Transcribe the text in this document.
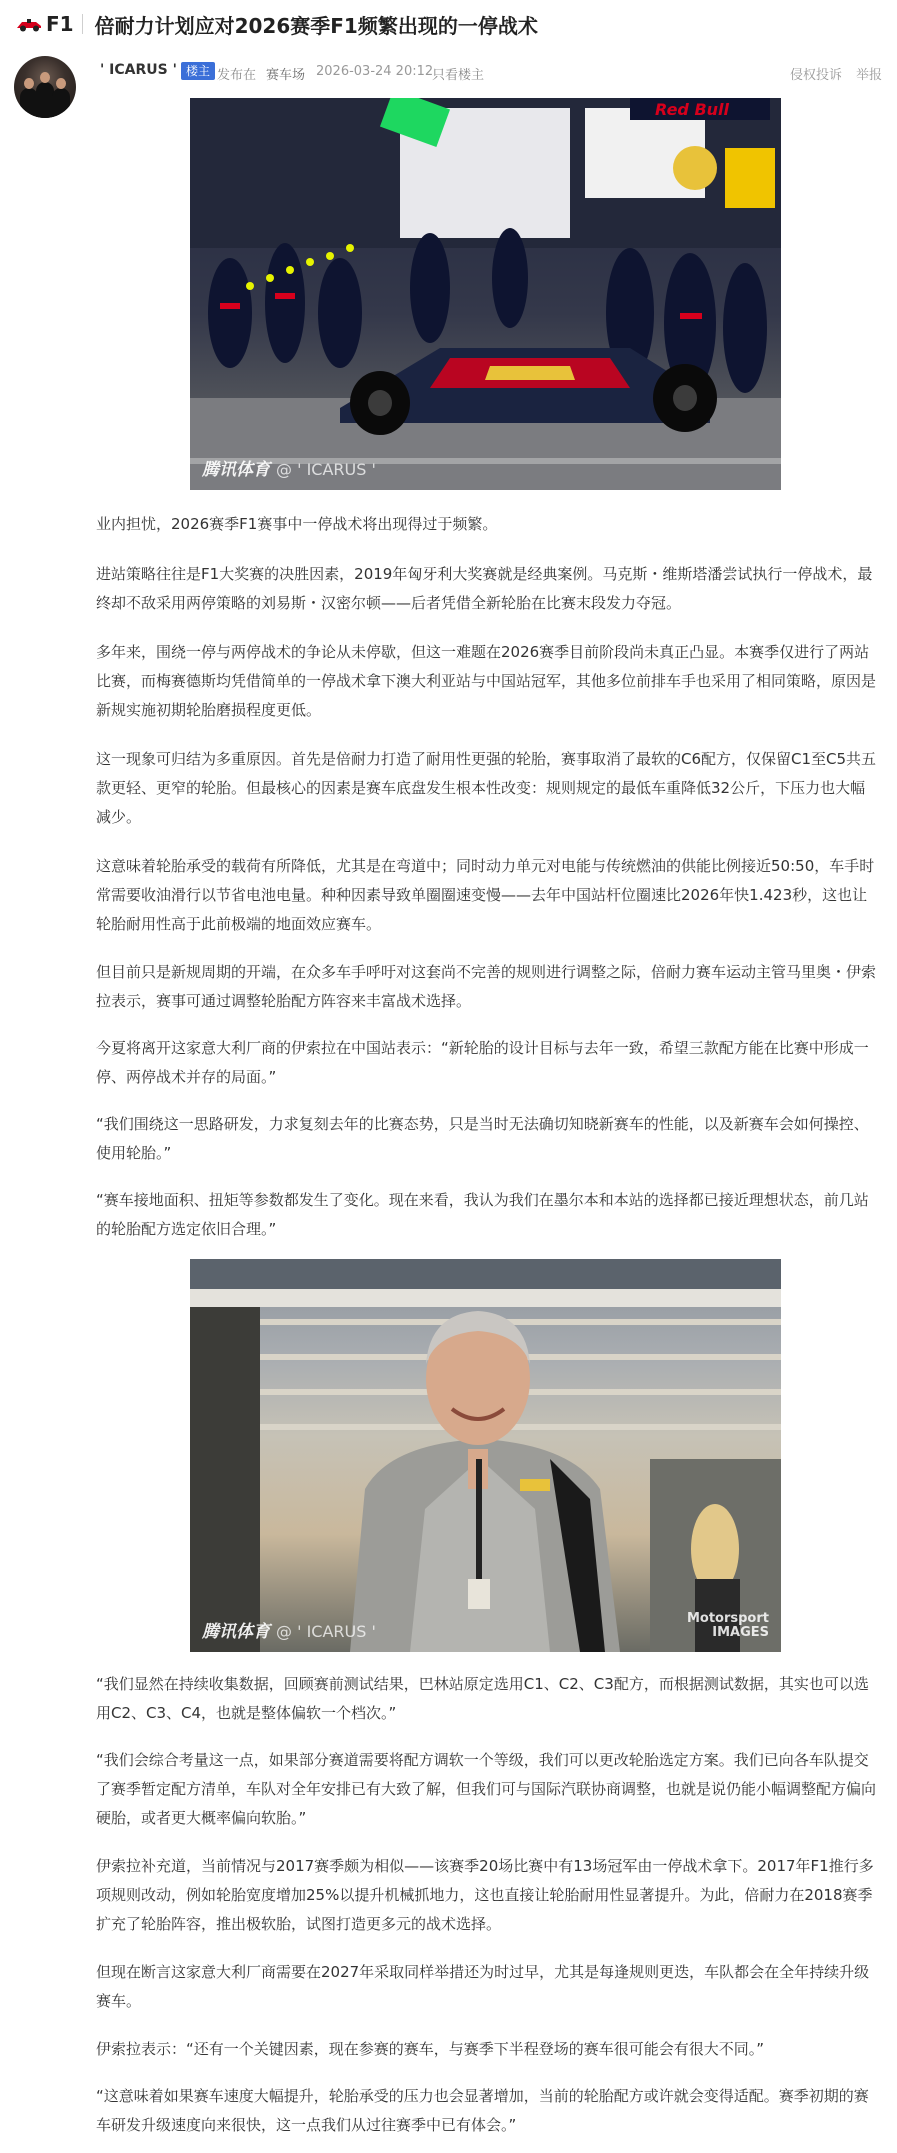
F1 倍耐力计划应对2026赛季F1频繁出现的一停战术
' ICARUS ' 楼主 发布在 赛车场 2026-03-24 20:12
只看楼主	侵权投诉 举报
Red Bull
腾讯体育 @ ' ICARUS '

业内担忧，2026赛季F1赛事中一停战术将出现得过于频繁。

进站策略往往是F1大奖赛的决胜因素，2019年匈牙利大奖赛就是经典案例。马克斯・维斯塔潘尝试执行一停战术，最终却不敌采用两停策略的刘易斯・汉密尔顿——后者凭借全新轮胎在比赛末段发力夺冠。

多年来，围绕一停与两停战术的争论从未停歇，但这一难题在2026赛季目前阶段尚未真正凸显。本赛季仅进行了两站比赛，而梅赛德斯均凭借简单的一停战术拿下澳大利亚站与中国站冠军，其他多位前排车手也采用了相同策略，原因是新规实施初期轮胎磨损程度更低。

这一现象可归结为多重原因。首先是倍耐力打造了耐用性更强的轮胎，赛事取消了最软的C6配方，仅保留C1至C5共五款更轻、更窄的轮胎。但最核心的因素是赛车底盘发生根本性改变：规则规定的最低车重降低32公斤，下压力也大幅减少。

这意味着轮胎承受的载荷有所降低，尤其是在弯道中；同时动力单元对电能与传统燃油的供能比例接近50:50，车手时常需要收油滑行以节省电池电量。种种因素导致单圈圈速变慢——去年中国站杆位圈速比2026年快1.423秒，这也让轮胎耐用性高于此前极端的地面效应赛车。

但目前只是新规周期的开端，在众多车手呼吁对这套尚不完善的规则进行调整之际，倍耐力赛车运动主管马里奥・伊索拉表示，赛事可通过调整轮胎配方阵容来丰富战术选择。

今夏将离开这家意大利厂商的伊索拉在中国站表示：“新轮胎的设计目标与去年一致，希望三款配方能在比赛中形成一停、两停战术并存的局面。”

“我们围绕这一思路研发，力求复刻去年的比赛态势，只是当时无法确切知晓新赛车的性能，以及新赛车会如何操控、使用轮胎。”

“赛车接地面积、扭矩等参数都发生了变化。现在来看，我认为我们在墨尔本和本站的选择都已接近理想状态，前几站的轮胎配方选定依旧合理。”

Motorsport IMAGES
腾讯体育 @ ' ICARUS '

“我们显然在持续收集数据，回顾赛前测试结果，巴林站原定选用C1、C2、C3配方，而根据测试数据，其实也可以选用C2、C3、C4，也就是整体偏软一个档次。”

“我们会综合考量这一点，如果部分赛道需要将配方调软一个等级，我们可以更改轮胎选定方案。我们已向各车队提交了赛季暂定配方清单，车队对全年安排已有大致了解，但我们可与国际汽联协商调整，也就是说仍能小幅调整配方偏向硬胎，或者更大概率偏向软胎。”

伊索拉补充道，当前情况与2017赛季颇为相似——该赛季20场比赛中有13场冠军由一停战术拿下。2017年F1推行多项规则改动，例如轮胎宽度增加25%以提升机械抓地力，这也直接让轮胎耐用性显著提升。为此，倍耐力在2018赛季扩充了轮胎阵容，推出极软胎，试图打造更多元的战术选择。

但现在断言这家意大利厂商需要在2027年采取同样举措还为时过早，尤其是每逢规则更迭，车队都会在全年持续升级赛车。

伊索拉表示：“还有一个关键因素，现在参赛的赛车，与赛季下半程登场的赛车很可能会有很大不同。”

“这意味着如果赛车速度大幅提升，轮胎承受的压力也会显著增加，当前的轮胎配方或许就会变得适配。赛季初期的赛车研发升级速度向来很快，这一点我们从过往赛季中已有体会。”
